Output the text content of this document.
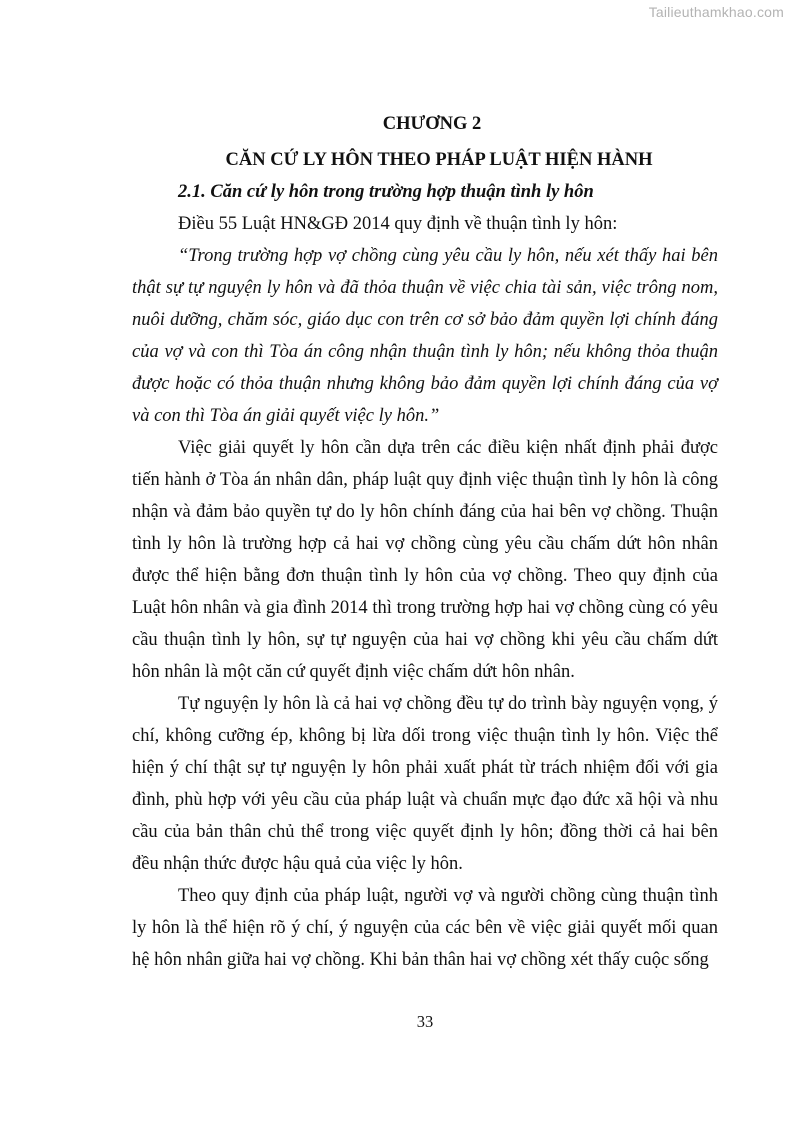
Tailieuthamkhao.com
CHƯƠNG 2
CĂN CỨ LY HÔN THEO PHÁP LUẬT HIỆN HÀNH
2.1. Căn cứ ly hôn trong trường hợp thuận tình ly hôn

Điều 55 Luật HN&GĐ 2014 quy định về thuận tình ly hôn:

“Trong trường hợp vợ chồng cùng yêu cầu ly hôn, nếu xét thấy hai bên thật sự tự nguyện ly hôn và đã thỏa thuận về việc chia tài sản, việc trông nom, nuôi dưỡng, chăm sóc, giáo dục con trên cơ sở bảo đảm quyền lợi chính đáng của vợ và con thì Tòa án công nhận thuận tình ly hôn; nếu không thỏa thuận được hoặc có thỏa thuận nhưng không bảo đảm quyền lợi chính đáng của vợ và con thì Tòa án giải quyết việc ly hôn.”

Việc giải quyết ly hôn cần dựa trên các điều kiện nhất định phải được tiến hành ở Tòa án nhân dân, pháp luật quy định việc thuận tình ly hôn là công nhận và đảm bảo quyền tự do ly hôn chính đáng của hai bên vợ chồng. Thuận tình ly hôn là trường hợp cả hai vợ chồng cùng yêu cầu chấm dứt hôn nhân được thể hiện bằng đơn thuận tình ly hôn của vợ chồng. Theo quy định của Luật hôn nhân và gia đình 2014 thì trong trường hợp hai vợ chồng cùng có yêu cầu thuận tình ly hôn, sự tự nguyện của hai vợ chồng khi yêu cầu chấm dứt hôn nhân là một căn cứ quyết định việc chấm dứt hôn nhân.

Tự nguyện ly hôn là cả hai vợ chồng đều tự do trình bày nguyện vọng, ý chí, không cưỡng ép, không bị lừa dối trong việc thuận tình ly hôn. Việc thể hiện ý chí thật sự tự nguyện ly hôn phải xuất phát từ trách nhiệm đối với gia đình, phù hợp với yêu cầu của pháp luật và chuẩn mực đạo đức xã hội và nhu cầu của bản thân chủ thể trong việc quyết định ly hôn; đồng thời cả hai bên đều nhận thức được hậu quả của việc ly hôn.

Theo quy định của pháp luật, người vợ và người chồng cùng thuận tình ly hôn là thể hiện rõ ý chí, ý nguyện của các bên về việc giải quyết mối quan hệ hôn nhân giữa hai vợ chồng. Khi bản thân hai vợ chồng xét thấy cuộc sống

33
